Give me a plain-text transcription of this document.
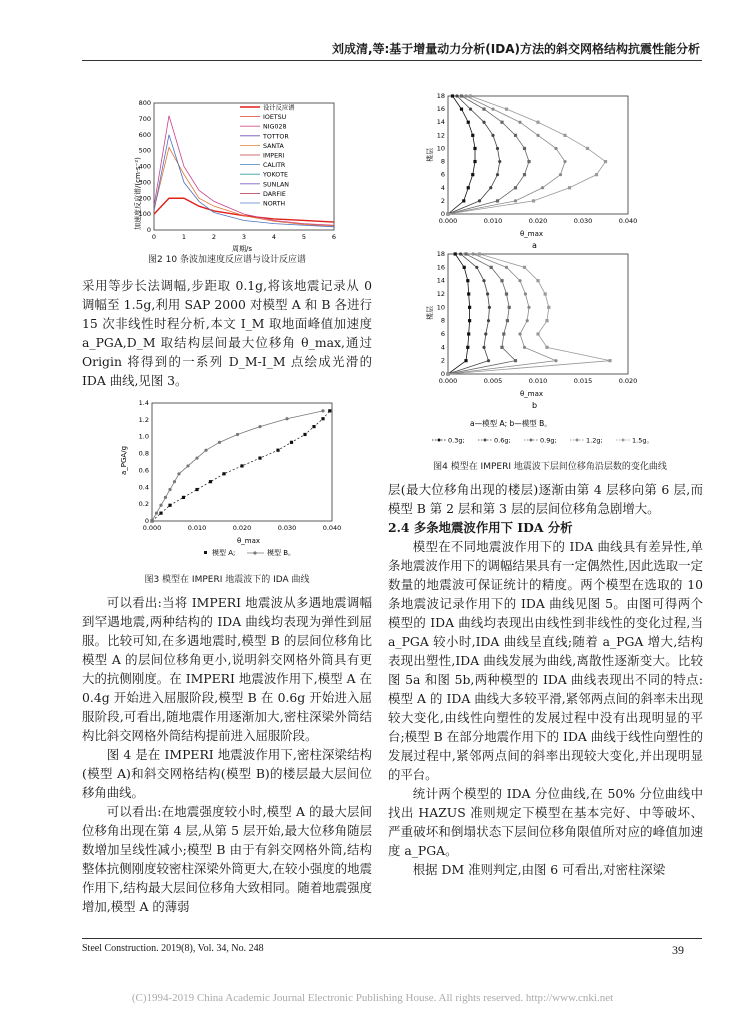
刘成清,等:基于增量动力分析(IDA)方法的斜交网格结构抗震性能分析
加速度反应谱/(cm·s⁻²)
周期/s
800
700
600
500
400
300
200
100
0
0	1	2	3	4	5	6
设计反应谱
IOETSU
NIG028
TOTTOR
SANTA
IMPERI
CALITR
YOKOTE
SUNLAN
DARFIE
NORTH
图2 10 条波加速度反应谱与设计反应谱

采用等步长法调幅,步距取 0.1g,将该地震记录从 0 调幅至 1.5g,利用 SAP 2000 对模型 A 和 B 各进行 15 次非线性时程分析,本文 I_M 取地面峰值加速度 a_PGA,D_M 取结构层间最大位移角 θ_max,通过 Origin 将得到的一系列 D_M-I_M 点绘成光滑的 IDA 曲线,见图 3。

a_PGA/g
θ_max
1.4
1.2
1.0
0.8
0.6
0.4
0.2
0
0.000	0.010	0.020	0.030	0.040
模型 A;	模型 B。
图3 模型在 IMPERI 地震波下的 IDA 曲线

可以看出:当将 IMPERI 地震波从多遇地震调幅到罕遇地震,两种结构的 IDA 曲线均表现为弹性到屈服。比较可知,在多遇地震时,模型 B 的层间位移角比模型 A 的层间位移角更小,说明斜交网格外筒具有更大的抗侧刚度。在 IMPERI 地震波作用下,模型 A 在 0.4g 开始进入屈服阶段,模型 B 在 0.6g 开始进入屈服阶段,可看出,随地震作用逐渐加大,密柱深梁外筒结构比斜交网格外筒结构提前进入屈服阶段。

图 4 是在 IMPERI 地震波作用下,密柱深梁结构(模型 A)和斜交网格结构(模型 B)的楼层最大层间位移角曲线。

可以看出:在地震强度较小时,模型 A 的最大层间位移角出现在第 4 层,从第 5 层开始,最大位移角随层数增加呈线性减小;模型 B 由于有斜交网格外筒,结构整体抗侧刚度较密柱深梁外筒更大,在较小强度的地震作用下,结构最大层间位移角大致相同。随着地震强度增加,模型 A 的薄弱

楼层
楼层
θ_max
θ_max
a
b
18
16
14
12
10
8
6
4
2
0
0.000	0.010	0.020	0.030	0.040
18
16
14
12
10
8
6
4
2
0
0.000	0.005	0.010	0.015	0.020
a—模型 A; b—模型 B。
0.3g;	0.6g;	0.9g;	1.2g;	1.5g。
图4 模型在 IMPERI 地震波下层间位移角沿层数的变化曲线

层(最大位移角出现的楼层)逐渐由第 4 层移向第 6 层,而模型 B 第 2 层和第 3 层的层间位移角急剧增大。

2.4 多条地震波作用下 IDA 分析

模型在不同地震波作用下的 IDA 曲线具有差异性,单条地震波作用下的调幅结果具有一定偶然性,因此选取一定数量的地震波可保证统计的精度。两个模型在选取的 10 条地震波记录作用下的 IDA 曲线见图 5。由图可得两个模型的 IDA 曲线均表现出由线性到非线性的变化过程,当 a_PGA 较小时,IDA 曲线呈直线;随着 a_PGA 增大,结构表现出塑性,IDA 曲线发展为曲线,离散性逐渐变大。比较图 5a 和图 5b,两种模型的 IDA 曲线表现出不同的特点:模型 A 的 IDA 曲线大多较平滑,紧邻两点间的斜率未出现较大变化,由线性向塑性的发展过程中没有出现明显的平台;模型 B 在部分地震作用下的 IDA 曲线于线性向塑性的发展过程中,紧邻两点间的斜率出现较大变化,并出现明显的平台。

统计两个模型的 IDA 分位曲线,在 50% 分位曲线中找出 HAZUS 准则规定下模型在基本完好、中等破坏、严重破坏和倒塌状态下层间位移角限值所对应的峰值加速度 a_PGA。

根据 DM 准则判定,由图 6 可看出,对密柱深梁

Steel Construction. 2019(8), Vol. 34, No. 248	39
(C)1994-2019 China Academic Journal Electronic Publishing House. All rights reserved. http://www.cnki.net
